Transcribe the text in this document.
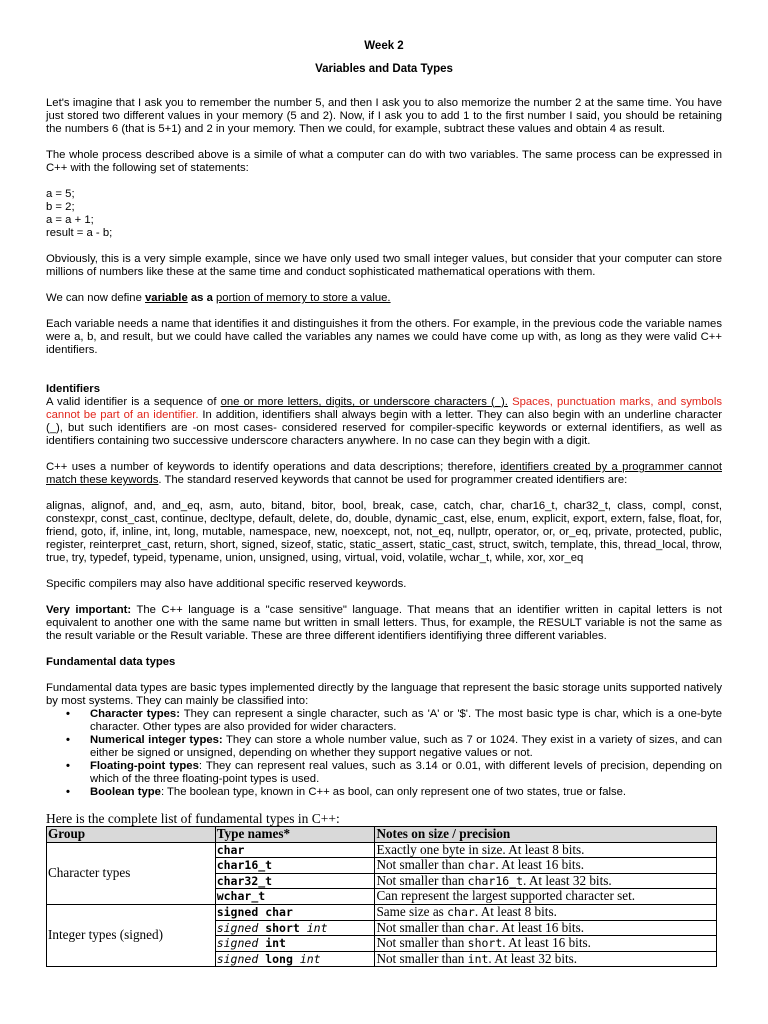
Week 2
Variables and Data Types

Let's imagine that I ask you to remember the number 5, and then I ask you to also memorize the number 2 at the same time. You have just stored two different values in your memory (5 and 2). Now, if I ask you to add 1 to the first number I said, you should be retaining the numbers 6 (that is 5+1) and 2 in your memory. Then we could, for example, subtract these values and obtain 4 as result.

The whole process described above is a simile of what a computer can do with two variables. The same process can be expressed in C++ with the following set of statements:

a = 5;
b = 2;
a = a + 1;
result = a - b;

Obviously, this is a very simple example, since we have only used two small integer values, but consider that your computer can store millions of numbers like these at the same time and conduct sophisticated mathematical operations with them.

We can now define variable as a portion of memory to store a value.

Each variable needs a name that identifies it and distinguishes it from the others. For example, in the previous code the variable names were a, b, and result, but we could have called the variables any names we could have come up with, as long as they were valid C++ identifiers.

Identifiers

A valid identifier is a sequence of one or more letters, digits, or underscore characters (_). Spaces, punctuation marks, and symbols cannot be part of an identifier. In addition, identifiers shall always begin with a letter. They can also begin with an underline character (_), but such identifiers are -on most cases- considered reserved for compiler-specific keywords or external identifiers, as well as identifiers containing two successive underscore characters anywhere. In no case can they begin with a digit.

C++ uses a number of keywords to identify operations and data descriptions; therefore, identifiers created by a programmer cannot match these keywords. The standard reserved keywords that cannot be used for programmer created identifiers are:

alignas, alignof, and, and_eq, asm, auto, bitand, bitor, bool, break, case, catch, char, char16_t, char32_t, class, compl, const, constexpr, const_cast, continue, decltype, default, delete, do, double, dynamic_cast, else, enum, explicit, export, extern, false, float, for, friend, goto, if, inline, int, long, mutable, namespace, new, noexcept, not, not_eq, nullptr, operator, or, or_eq, private, protected, public, register, reinterpret_cast, return, short, signed, sizeof, static, static_assert, static_cast, struct, switch, template, this, thread_local, throw, true, try, typedef, typeid, typename, union, unsigned, using, virtual, void, volatile, wchar_t, while, xor, xor_eq

Specific compilers may also have additional specific reserved keywords.

Very important: The C++ language is a "case sensitive" language. That means that an identifier written in capital letters is not equivalent to another one with the same name but written in small letters. Thus, for example, the RESULT variable is not the same as the result variable or the Result variable. These are three different identifiers identifiying three different variables.

Fundamental data types

Fundamental data types are basic types implemented directly by the language that represent the basic storage units supported natively by most systems. They can mainly be classified into:

• Character types: They can represent a single character, such as 'A' or '$'. The most basic type is char, which is a one-byte character. Other types are also provided for wider characters.
• Numerical integer types: They can store a whole number value, such as 7 or 1024. They exist in a variety of sizes, and can either be signed or unsigned, depending on whether they support negative values or not.
• Floating-point types: They can represent real values, such as 3.14 or 0.01, with different levels of precision, depending on which of the three floating-point types is used.
• Boolean type: The boolean type, known in C++ as bool, can only represent one of two states, true or false.
Here is the complete list of fundamental types in C++:
Group	Type names*	Notes on size / precision
Character types	char	Exactly one byte in size. At least 8 bits.
	char16_t	Not smaller than char. At least 16 bits.
	char32_t	Not smaller than char16_t. At least 32 bits.
	wchar_t	Can represent the largest supported character set.
Integer types (signed)	signed char	Same size as char. At least 8 bits.
	signed short int	Not smaller than char. At least 16 bits.
	signed int	Not smaller than short. At least 16 bits.
	signed long int	Not smaller than int. At least 32 bits.
